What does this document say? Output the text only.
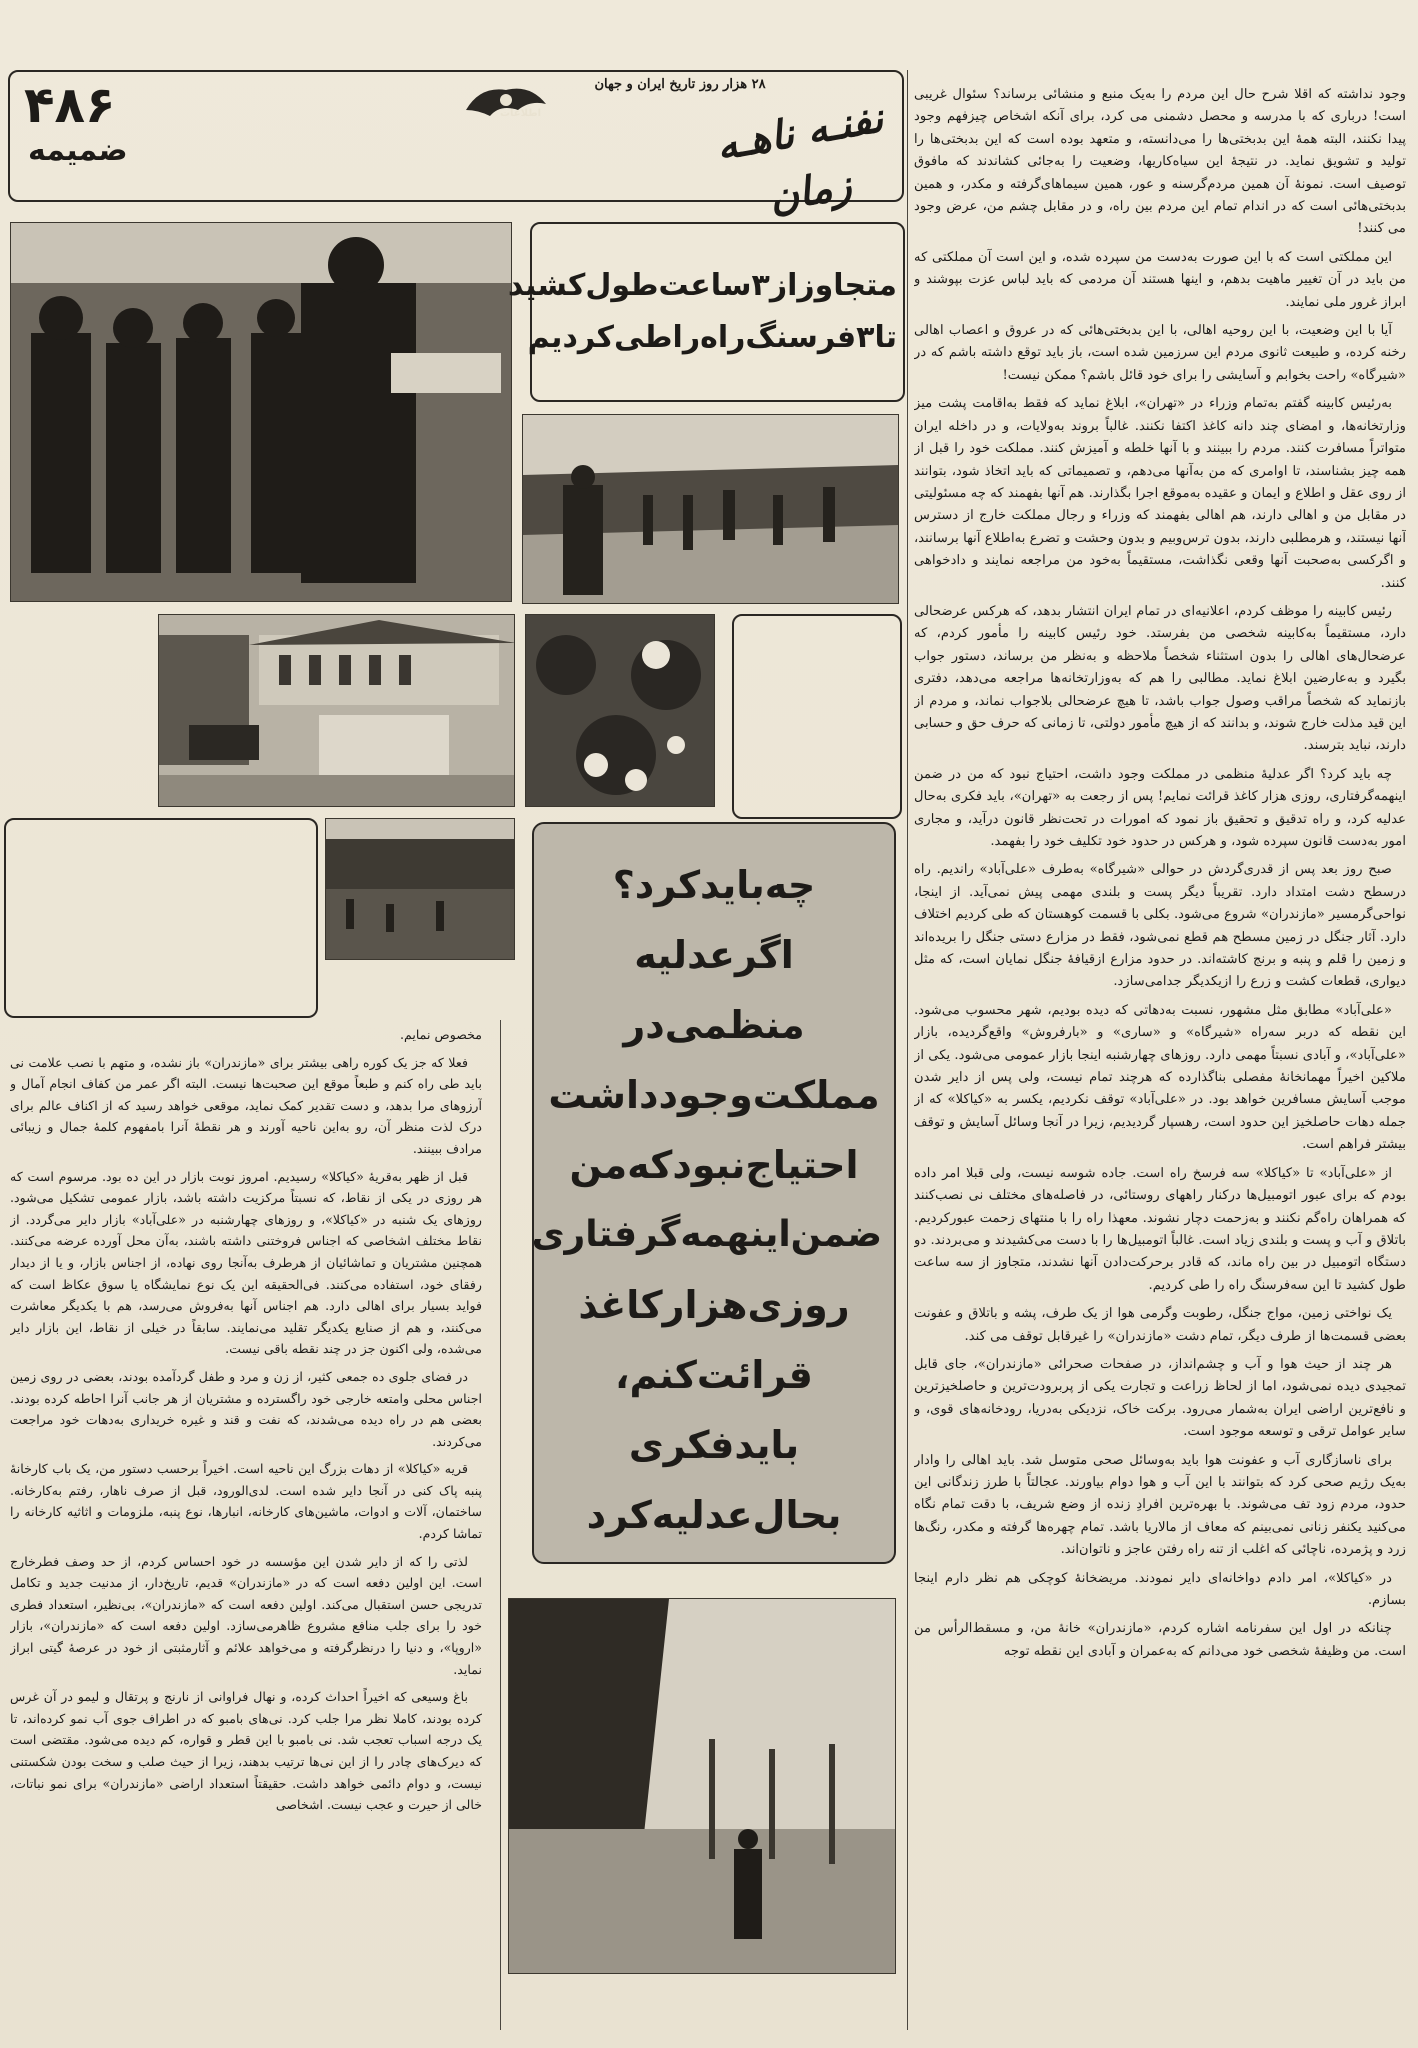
۴۸۶
ضمیمه
۲۸ هزار روز تاریخ ایران و جهان
اطلاعات	نفنـه ناهـه زمان
متجاوزاز۳ساعت‌طول‌کشید
تا۳فرسنگ‌راه‌راطی‌کردیم
چه‌باید‌کرد؟
اگرعدلیه منظمی‌در
مملکت‌وجود‌داشت
احتیاج‌نبود‌که‌من
ضمن‌اینهمه‌گرفتاری
روزی‌هزار‌کاغذ
قرائت‌کنم،
بایدفکری
بحال‌عدلیه‌کرد

وجود نداشته که اقلا شرح حال این مردم را به‌یک منبع و منشائی برساند؟ سئوال غریبی است! درباری که با مدرسه و محصل دشمنی می کرد، برای آنکه اشخاص چیزفهم وجود پیدا نکنند، البته همهٔ این بدبختی‌ها را می‌دانسته، و متعهد بوده است که این بدبختی‌ها را تولید و تشویق نماید. در نتیجهٔ این سیاه‌کاریها، وضعیت را به‌جائی کشاندند که مافوق توصیف است. نمونهٔ آن همین مردم‌گرسنه و عور، همین سیماهای‌گرفته و مکدر، و همین بدبختی‌هائی است که در اندام تمام این مردم بین راه، و در مقابل چشم من، عرض وجود می کنند!

این مملکتی است که با این صورت به‌دست من سپرده شده، و این است آن مملکتی که من باید در آن تغییر ماهیت بدهم، و اینها هستند آن مردمی که باید لباس عزت بپوشند و ابراز غرور ملی نمایند.

آیا با این وضعیت، با این روحیه اهالی، با این بدبختی‌هائی که در عروق و اعصاب اهالی رخنه کرده، و طبیعت ثانوی مردم این سرزمین شده است، باز باید توقع داشته باشم که در «شیرگاه» راحت بخوابم و آسایشی را برای خود قائل باشم؟ ممکن نیست!

به‌رئیس کابینه گفتم به‌تمام وزراء در «تهران»، ابلاغ نماید که فقط به‌اقامت پشت میز وزارتخانه‌ها، و امضای چند دانه کاغذ اکتفا نکنند. غالباً بروند به‌ولایات، و در داخله ایران متواتراً مسافرت کنند. مردم را ببینند و با آنها خلطه و آمیزش کنند. مملکت خود را قبل از همه چیز بشناسند، تا اوامری که من به‌آنها می‌دهم، و تصمیماتی که باید اتخاذ شود، بتوانند از روی عقل و اطلاع و ایمان و عقیده به‌موقع اجرا بگذارند. هم آنها بفهمند که چه مسئولیتی در مقابل من و اهالی دارند، هم اهالی بفهمند که وزراء و رجال مملکت خارج از دسترس آنها نیستند، و هرمطلبی دارند، بدون ترس‌وبیم و بدون وحشت و تضرع به‌اطلاع آنها برسانند، و اگرکسی به‌صحبت آنها وقعی نگذاشت، مستقیماً به‌خود من مراجعه نمایند و دادخواهی کنند.

رئیس کابینه را موظف کردم، اعلانیه‌ای در تمام ایران انتشار بدهد، که هرکس عرضحالی دارد، مستقیماً به‌کابینه شخصی من بفرستد. خود رئیس کابینه را مأمور کردم، که عرضحال‌های اهالی را بدون استثناء شخصاً ملاحظه و به‌نظر من برساند، دستور جواب بگیرد و به‌عارضین ابلاغ نماید. مطالبی را هم که به‌وزارتخانه‌ها مراجعه می‌دهد، دفتری بازنماید که شخصاً مراقب وصول جواب باشد، تا هیچ عرضحالی بلاجواب نماند، و مردم از این قید مذلت خارج شوند، و بدانند که از هیچ مأمور دولتی، تا زمانی که حرف حق و حسابی دارند، نباید بترسند.

چه باید کرد؟ اگر عدلیهٔ منظمی در مملکت وجود داشت، احتیاج نبود که من در ضمن اینهمه‌گرفتاری، روزی هزار کاغذ قرائت نمایم! پس از رجعت به «تهران»، باید فکری به‌حال عدلیه کرد، و راه تدقیق و تحقیق باز نمود که امورات در تحت‌نظر قانون درآید، و مجاری امور به‌دست قانون سپرده شود، و هرکس در حدود خود تکلیف خود را بفهمد.

صبح روز بعد پس از قدری‌گردش در حوالی «شیرگاه» به‌طرف «علی‌آباد» راندیم. راه درسطح دشت امتداد دارد. تقریباً دیگر پست و بلندی مهمی پیش نمی‌آید. از اینجا، نواحی‌گرمسیر «مازندران» شروع می‌شود. بکلی با قسمت کوهستان که طی کردیم اختلاف دارد. آثار جنگل در زمین مسطح هم قطع نمی‌شود، فقط در مزارع دستی جنگل را بریده‌اند و زمین را قلم و پنبه و برنج کاشته‌اند. در حدود مزارع ازقیافهٔ جنگل نمایان است، که مثل دیواری، قطعات کشت و زرع را ازیکدیگر جدامی‌سازد.

«علی‌آباد» مطابق مثل مشهور، نسبت به‌دهاتی که دیده بودیم، شهر محسوب می‌شود. این نقطه که دربر سه‌راه «شیرگاه» و «ساری» و «بارفروش» واقع‌گردیده، بازار «علی‌آباد»، و آبادی نسبتاً مهمی دارد. روزهای چهارشنبه اینجا بازار عمومی می‌شود. یکی از ملاکین اخیراً مهمانخانهٔ مفصلی بناگذارده که هرچند تمام نیست، ولی پس از دایر شدن موجب آسایش مسافرین خواهد بود. در «علی‌آباد» توقف نکردیم، یکسر به «کیاکلا» که از جمله دهات حاصلخیز این حدود است، رهسپار گردیدیم، زیرا در آنجا وسائل آسایش و توقف بیشتر فراهم است.

از «علی‌آباد» تا «کیاکلا» سه فرسخ راه است. جاده شوسه نیست، ولی قبلا امر داده بودم که برای عبور اتومبیل‌ها درکنار راههای روستائی، در فاصله‌های مختلف نی نصب‌کنند که همراهان راه‌گم نکنند و به‌زحمت دچار نشوند. معهذا راه را با منتهای زحمت عبور‌کردیم. باتلاق و آب و پست و بلندی زیاد است. غالباً اتومبیل‌ها را با دست می‌کشیدند و می‌بردند. دو دستگاه اتومبیل در بین راه ماند، که قادر برحرکت‌دادن آنها نشدند، متجاوز از سه ساعت طول کشید تا این سه‌فرسنگ راه را طی کردیم.

یک نواختی زمین، مواج جنگل، رطوبت وگرمی هوا از یک طرف، پشه و باتلاق و عفونت بعضی قسمت‌ها از طرف دیگر، تمام دشت «مازندران» را غیرقابل توقف می کند.

هر چند از حیث هوا و آب و چشم‌انداز، در صفحات صحرائی «مازندران»، جای قابل تمجیدی دیده نمی‌شود، اما از لحاظ زراعت و تجارت یکی از پربرودت‌ترین و حاصلخیزترین و نافع‌ترین اراضی ایران به‌شمار می‌رود. برکت خاک، نزدیکی به‌دریا، رودخانه‌های قوی، و سایر عوامل ترقی و توسعه موجود است.

برای ناسازگاری آب و عفونت هوا باید به‌وسائل صحی متوسل شد. باید اهالی را وادار به‌یک رژیم صحی کرد که بتوانند با این آب و هوا دوام بیاورند. عجالتاً با طرز زندگانی این حدود، مردم زود تف می‌شوند. با بهره‌ترین افرادِ زنده ‌از وضع شریف، با دقت تمام نگاه می‌کنید یکنفر زنانی نمی‌بینم که معاف از مالاریا باشد. تمام چهره‌ها گرفته و مکدر، رنگ‌ها زرد و پژمرده، ناچائی که اغلب از تنه راه رفتن عاجز و ناتوان‌اند.

در «کیاکلا»، امر دادم دواخانه‌ای دایر نمودند. مریضخانهٔ کوچکی هم نظر دارم اینجا بسازم.

چنانکه در اول این سفرنامه اشاره کردم، «مازندران» خانهٔ من، و مسقط‌الرأس من است. من وظیفهٔ شخصی خود می‌دانم که به‌عمران و آبادی این نقطه توجه

مخصوص نمایم.

فعلا که جز یک کوره راهی بیشتر برای «مازندران» باز نشده، و متهم با نصب علامت نی باید طی راه کنم و طبعاً موقع این صحبت‌ها نیست. البته اگر عمر من کفاف انجام آمال و آرزوهای مرا بدهد، و دست تقدیر کمک نماید، موقعی خواهد رسید که از اکناف عالم برای درک لذت منظر آن، رو به‌این ناحیه آورند و هر نقطهٔ آنرا بامفهوم کلمهٔ جمال و زیبائی مرادف ببینند.

قبل از ظهر به‌قریهٔ «کیاکلا» رسیدیم. امروز نوبت بازار در این ده بود. مرسوم است که هر روزی در یکی از نقاط، که نسبتاً مرکزیت داشته باشد، بازار عمومی تشکیل می‌شود. روزهای یک شنبه در «کیاکلا»، و روزهای چهارشنبه در «علی‌آباد» بازار دایر می‌گردد. از نقاط مختلف اشخاصی که اجناس فروختنی داشته باشند، به‌آن محل آورده عرضه می‌کنند. همچنین مشتریان و تماشائیان از هرطرف به‌آنجا روی نهاده، از اجناس بازار، و یا از دیدار رفقای خود، استفاده می‌کنند. فی‌الحقیقه این یک نوع نمایشگاه یا سوق عکاظ است که فواید بسیار برای اهالی دارد. هم اجناس آنها به‌فروش می‌رسد، هم با یکدیگر معاشرت می‌کنند، و هم از صنایع یکدیگر تقلید می‌نمایند. سابقاً در خیلی از نقاط، این بازار دایر می‌شده، ولی اکنون جز در چند نقطه باقی نیست.

در فضای جلوی ده جمعی کثیر، از زن و مرد و طفل گردآمده بودند، بعضی در روی زمین اجناس محلی وامتعه خارجی خود راگسترده و مشتریان از هر جانب آنرا احاطه کرده بودند. بعضی هم در راه دیده می‌شدند، که نفت و قند و غیره خریداری به‌دهات خود مراجعت می‌کردند.

قریه «کیاکلا» از دهات بزرگ این ناحیه است. اخیراً برحسب دستور من، یک باب کارخانهٔ پنبه پاک کنی در آنجا دایر شده است. لدی‌الورود، قبل از صرف ناهار، رفتم به‌کارخانه. ساختمان، آلات و ادوات، ماشین‌های کارخانه، انبارها، نوع پنبه، ملزومات و اثاثیه کارخانه را تماشا کردم.

لذتی را که از دایر شدن این مؤسسه در خود احساس کردم، از حد وصف فطرخارج است. این اولین دفعه است که در «مازندران» قدیم، تاریخ‌دار، از مدنیت جدید و تکامل تدریجی حسن استقبال می‌کند. اولین دفعه است که «مازندران»، بی‌نظیر، استعداد فطری خود را برای جلب منافع مشروع ظاهرمی‌سازد. اولین دفعه است که «مازندران»، بازار «اروپا»، و دنیا را درنظرگرفته و می‌خواهد علائم و آثارمثبتی از خود در عرصهٔ گیتی ابراز نماید.

باغ وسیعی که اخیراً احداث کرده، و نهال فراوانی از نارنج و پرتقال و لیمو در آن غرس کرده بودند، کاملا نظر مرا جلب کرد. نی‌های بامبو که در اطراف جوی آب نمو کرده‌اند، تا یک درجه اسباب تعجب شد. نی بامبو با این قطر و قواره، کم دیده می‌شود. مقتضی است که دیرک‌های چادر را از این نی‌ها ترتیب بدهند، زیرا از حیث صلب و سخت بودن شکستنی نیست، و دوام دائمی خواهد داشت. حقیقتاً استعداد اراضی «مازندران» برای نمو نباتات، خالی از حیرت و عجب نیست. اشخاصی
